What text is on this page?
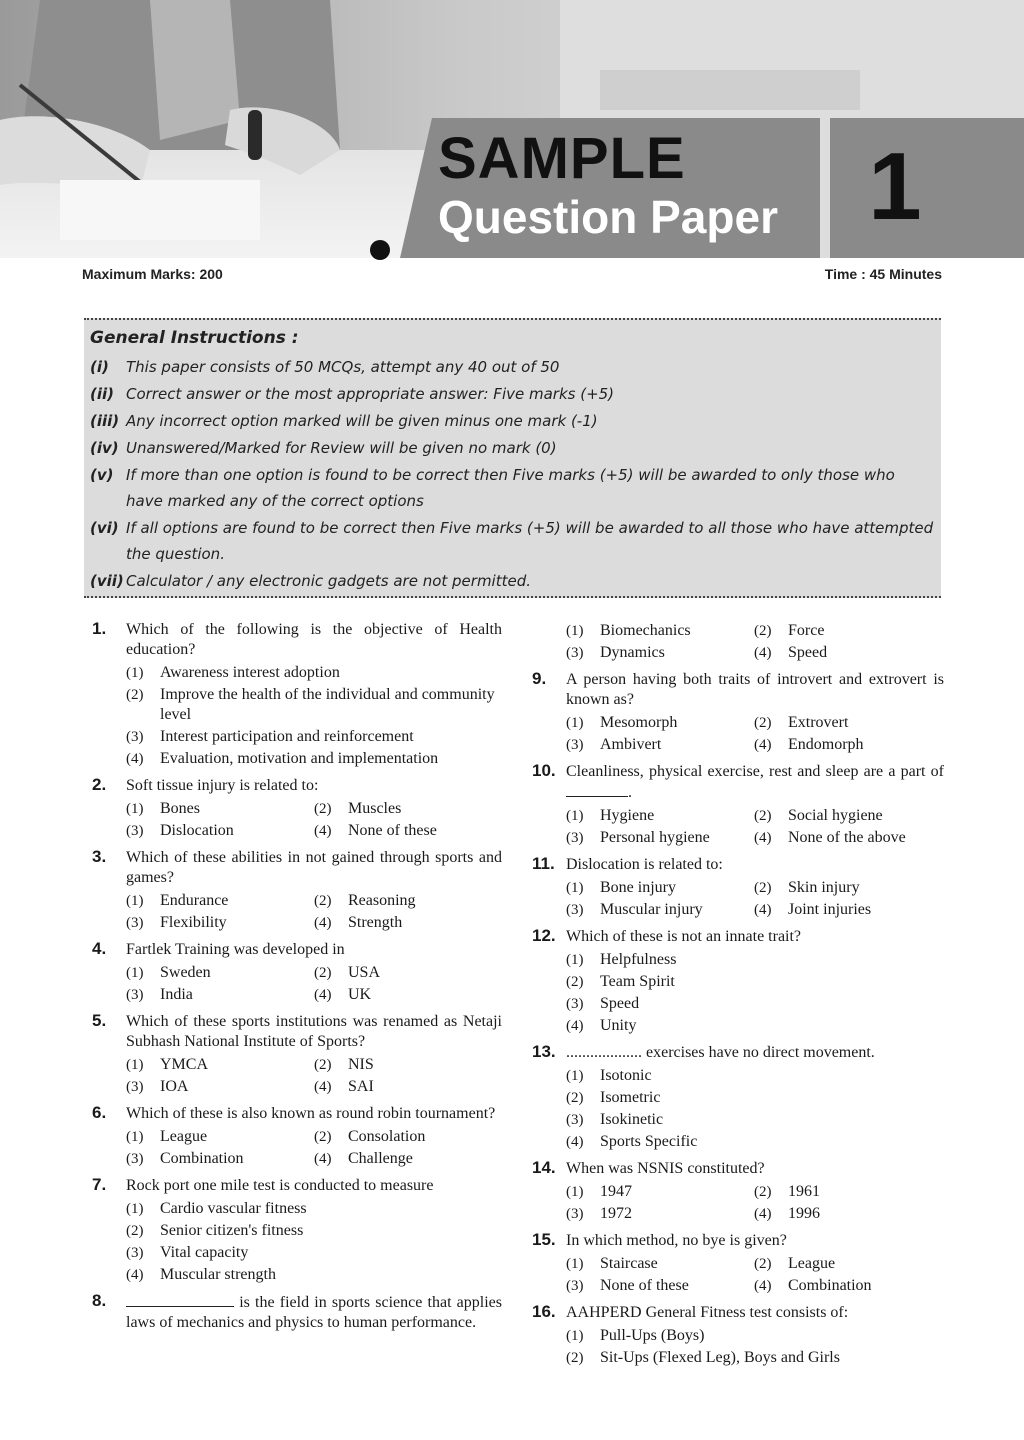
SAMPLE
Question Paper 1
Maximum Marks: 200	Time : 45 Minutes
General Instructions :
(i)	This paper consists of 50 MCQs, attempt any 40 out of 50
(ii) Correct answer or the most appropriate answer: Five marks (+5)
(iii) Any incorrect option marked will be given minus one mark (-1)
(iv) Unanswered/Marked for Review will be given no mark (0)
(v) If more than one option is found to be correct then Five marks (+5) will be awarded to only those who have marked any of the correct options
(vi) If all options are found to be correct then Five marks (+5) will be awarded to all those who have attempted the question.
(vii) Calculator / any electronic gadgets are not permitted.
1. Which of the following is the objective of Health education?
(1)	Awareness interest adoption
(2)	Improve the health of the individual and community level
(3)	Interest participation and reinforcement
(4)	Evaluation, motivation and implementation
2. Soft tissue injury is related to:
(1)	Bones	(2)	Muscles
(3)	Dislocation	(4)	None of these
3. Which of these abilities in not gained through sports and games?
(1)	Endurance	(2)	Reasoning
(3)	Flexibility	(4)	Strength
4. Fartlek Training was developed in
(1)	Sweden	(2)	USA
(3)	India	(4)	UK
5. Which of these sports institutions was renamed as Netaji Subhash National Institute of Sports?
(1)	YMCA	(2)	NIS
(3)	IOA	(4)	SAI
6. Which of these is also known as round robin tournament?
(1)	League	(2)	Consolation
(3)	Combination	(4)	Challenge
7. Rock port one mile test is conducted to measure
(1)	Cardio vascular fitness
(2)	Senior citizen's fitness
(3)	Vital capacity
(4)	Muscular strength
8.	is the field in sports science that applies laws of mechanics and physics to human performance.
(1)	Biomechanics	(2)	Force
(3)	Dynamics	(4)	Speed
9. A person having both traits of introvert and extrovert is known as?
(1)	Mesomorph	(2)	Extrovert
(3)	Ambivert	(4)	Endomorph
10. Cleanliness, physical exercise, rest and sleep are a part of .
(1)	Hygiene	(2)	Social hygiene
(3)	Personal hygiene	(4)	None of the above
11. Dislocation is related to:
(1)	Bone injury	(2)	Skin injury
(3)	Muscular injury	(4)	Joint injuries
12. Which of these is not an innate trait?
(1)	Helpfulness
(2)	Team Spirit
(3)	Speed
(4)	Unity
13. ................... exercises have no direct movement.
(1)	Isotonic
(2)	Isometric
(3)	Isokinetic
(4)	Sports Specific
14. When was NSNIS constituted?
(1)	1947	(2)	1961
(3)	1972	(4)	1996
15. In which method, no bye is given?
(1)	Staircase	(2)	League
(3)	None of these	(4)	Combination
16. AAHPERD General Fitness test consists of:
(1)	Pull-Ups (Boys)
(2)	Sit-Ups (Flexed Leg), Boys and Girls
